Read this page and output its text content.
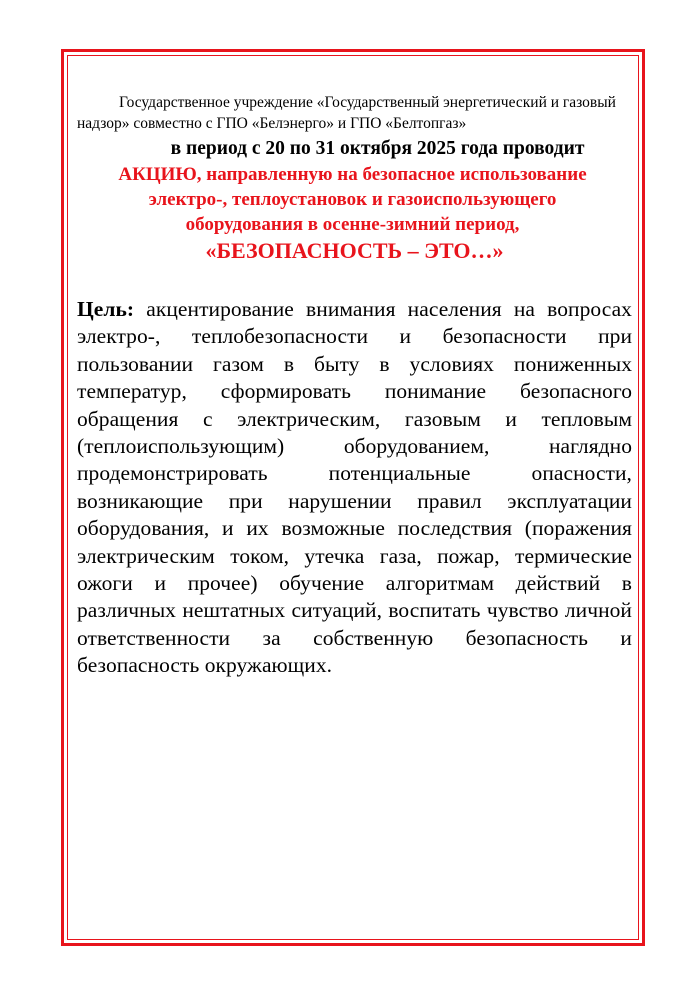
Государственное учреждение «Государственный энергетический и газовый надзор» совместно с ГПО «Белэнерго» и ГПО «Белтопгаз»

в период с 20 по 31 октября 2025 года проводит

АКЦИЮ, направленную на безопасное использование
электро-, теплоустановок и газоиспользующего
оборудования в осенне-зимний период,

«БЕЗОПАСНОСТЬ – ЭТО…»

Цель: акцентирование внимания населения на вопросах электро-, теплобезопасности и безопасности при пользовании газом в быту в условиях пониженных температур, сформировать понимание безопасного обращения с электрическим, газовым и тепловым (теплоиспользующим) оборудованием, наглядно продемонстрировать потенциальные опасности, возникающие при нарушении правил эксплуатации оборудования, и их возможные последствия (поражения электрическим током, утечка газа, пожар, термические ожоги и прочее) обучение алгоритмам действий в различных нештатных ситуаций, воспитать чувство личной ответственности за собственную безопасность и безопасность окружающих.
